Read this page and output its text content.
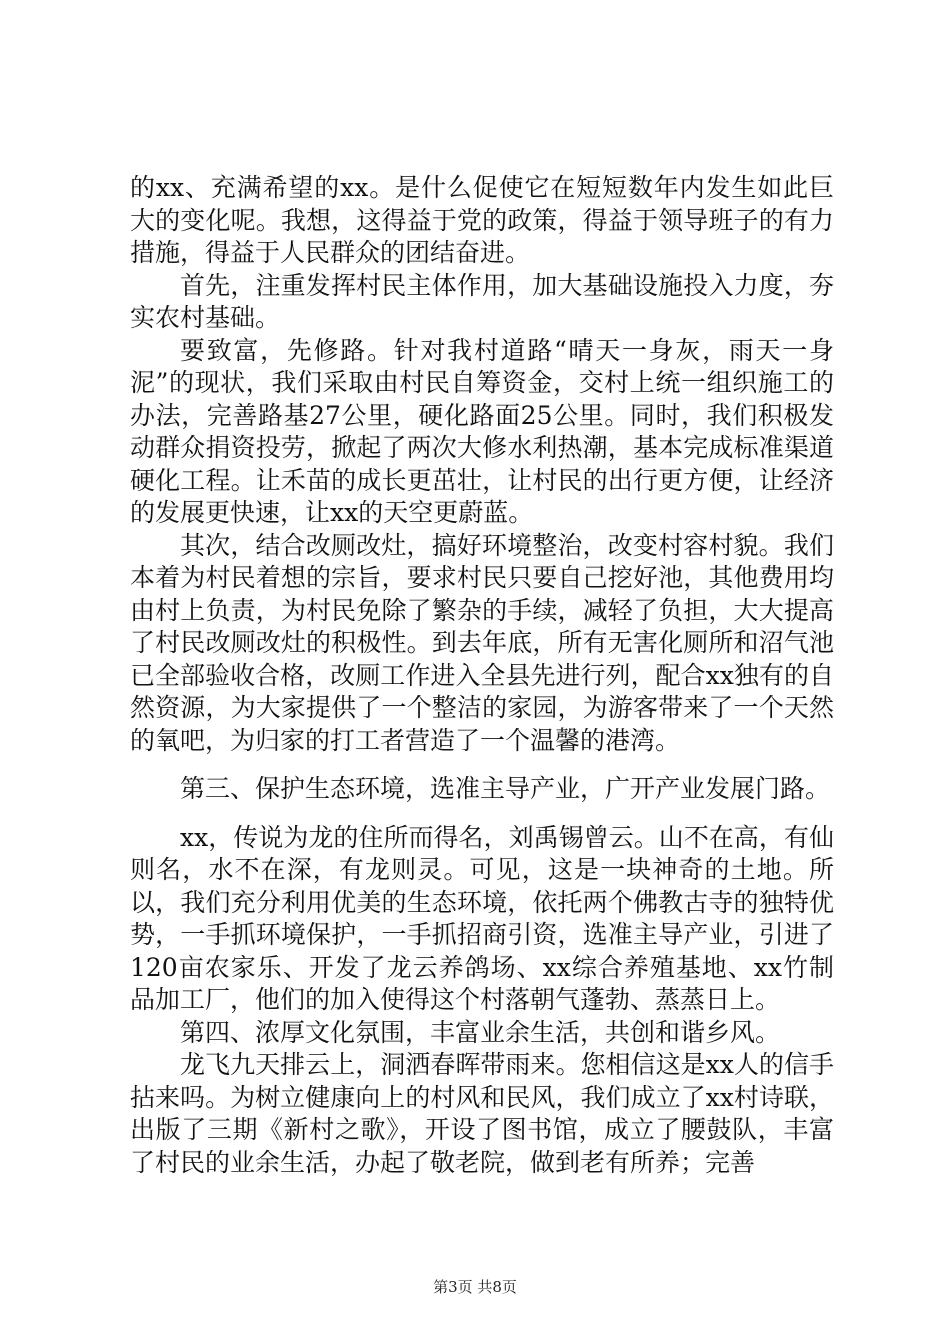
的xx、充满希望的xx。是什么促使它在短短数年内发生如此巨大的变化呢。我想，这得益于党的政策，得益于领导班子的有力措施，得益于人民群众的团结奋进。

首先，注重发挥村民主体作用，加大基础设施投入力度，夯实农村基础。

要致富，先修路。针对我村道路“晴天一身灰，雨天一身泥”的现状，我们采取由村民自筹资金，交村上统一组织施工的办法，完善路基27公里，硬化路面25公里。同时，我们积极发动群众捐资投劳，掀起了两次大修水利热潮，基本完成标准渠道硬化工程。让禾苗的成长更茁壮，让村民的出行更方便，让经济的发展更快速，让xx的天空更蔚蓝。

其次，结合改厕改灶，搞好环境整治，改变村容村貌。我们本着为村民着想的宗旨，要求村民只要自己挖好池，其他费用均由村上负责，为村民免除了繁杂的手续，减轻了负担，大大提高了村民改厕改灶的积极性。到去年底，所有无害化厕所和沼气池已全部验收合格，改厕工作进入全县先进行列，配合xx独有的自然资源，为大家提供了一个整洁的家园，为游客带来了一个天然的氧吧，为归家的打工者营造了一个温馨的港湾。

第三、保护生态环境，选准主导产业，广开产业发展门路。

xx，传说为龙的住所而得名，刘禹锡曾云。山不在高，有仙则名，水不在深，有龙则灵。可见，这是一块神奇的土地。所以，我们充分利用优美的生态环境，依托两个佛教古寺的独特优势，一手抓环境保护，一手抓招商引资，选准主导产业，引进了120亩农家乐、开发了龙云养鸽场、xx综合养殖基地、xx竹制品加工厂，他们的加入使得这个村落朝气蓬勃、蒸蒸日上。

第四、浓厚文化氛围，丰富业余生活，共创和谐乡风。

龙飞九天排云上，洞洒春晖带雨来。您相信这是xx人的信手拈来吗。为树立健康向上的村风和民风，我们成立了xx村诗联，出版了三期《新村之歌》，开设了图书馆，成立了腰鼓队，丰富了村民的业余生活，办起了敬老院，做到老有所养；完善

第3页 共8页
